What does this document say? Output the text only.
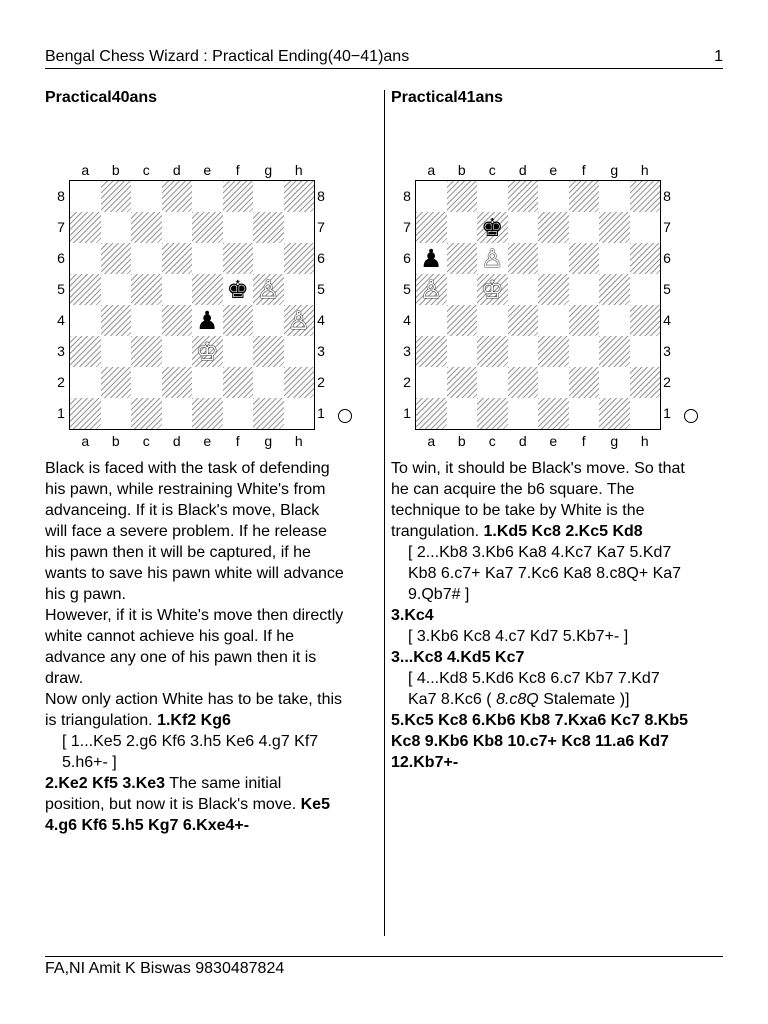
Bengal Chess Wizard : Practical Ending(40−41)ans	1
Practical40ans
a	b	c	d	e	f	g	h
a	b	c	d	e	f	g	h
8
7
6
5
4
3
2
1
8
7
6
5
4
3
2
1
♚ ♙
♟	♙
♔

Black is faced with the task of defending his pawn, while restraining White's from advanceing. If it is Black's move, Black will face a severe problem. If he release his pawn then it will be captured, if he wants to save his pawn white will advance his g pawn.

However, if it is White's move then directly white cannot achieve his goal. If he advance any one of his pawn then it is draw.

Now only action White has to be take, this is triangulation. 1.Kf2 Kg6

[ 1...Ke5 2.g6 Kf6 3.h5 Ke6 4.g7 Kf7 5.h6+- ]

2.Ke2 Kf5 3.Ke3 The same initial position, but now it is Black's move. Ke5 4.g6 Kf6 5.h5 Kg7 6.Kxe4+-

Practical41ans
a	b	c	d	e	f	g	h
a	b	c	d	e	f	g	h
8
7
6
5
4
3
2
1
8
7
6
5
4
3
2
1
♚
♟ ♙
♙ ♔

To win, it should be Black's move. So that he can acquire the b6 square. The technique to be take by White is the trangulation. 1.Kd5 Kc8 2.Kc5 Kd8

[ 2...Kb8 3.Kb6 Ka8 4.Kc7 Ka7 5.Kd7 Kb8 6.c7+ Ka7 7.Kc6 Ka8 8.c8Q+ Ka7 9.Qb7# ]

3.Kc4

[ 3.Kb6 Kc8 4.c7 Kd7 5.Kb7+- ]

3...Kc8 4.Kd5 Kc7

[ 4...Kd8 5.Kd6 Kc8 6.c7 Kb7 7.Kd7 Ka7 8.Kc6 ( 8.c8Q Stalemate )]

5.Kc5 Kc8 6.Kb6 Kb8 7.Kxa6 Kc7 8.Kb5 Kc8 9.Kb6 Kb8 10.c7+ Kc8 11.a6 Kd7 12.Kb7+-

FA,NI Amit K Biswas 9830487824
